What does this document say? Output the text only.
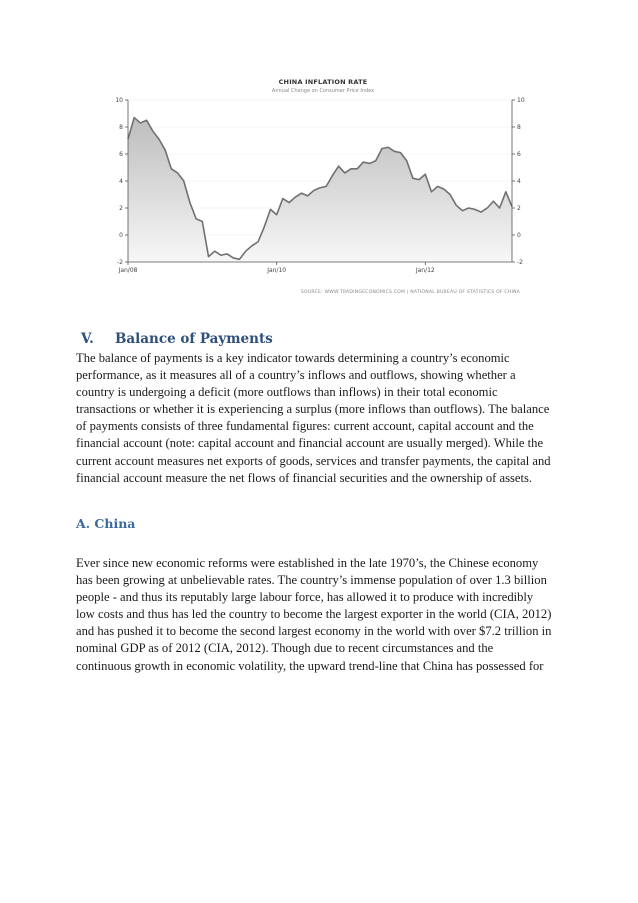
CHINA INFLATION RATE
Annual Change on Consumer Price Index
-2	-2
0	0
2	2
4	4
6	6
8	8
10	10
Jan/08	Jan/10	Jan/12
SOURCE: WWW.TRADINGECONOMICS.COM | NATIONAL BUREAU OF STATISTICS OF CHINA
V. Balance of Payments
The balance of payments is a key indicator towards determining a country’s economic
performance, as it measures all of a country’s inflows and outflows, showing whether a
country is undergoing a deficit (more outflows than inflows) in their total economic
transactions or whether it is experiencing a surplus (more inflows than outflows). The balance
of payments consists of three fundamental figures: current account, capital account and the
financial account (note: capital account and financial account are usually merged). While the
current account measures net exports of goods, services and transfer payments, the capital and
financial account measure the net flows of financial securities and the ownership of assets.
A. China
Ever since new economic reforms were established in the late 1970’s, the Chinese economy
has been growing at unbelievable rates. The country’s immense population of over 1.3 billion
people - and thus its reputably large labour force, has allowed it to produce with incredibly
low costs and thus has led the country to become the largest exporter in the world (CIA, 2012)
and has pushed it to become the second largest economy in the world with over $7.2 trillion in
nominal GDP as of 2012 (CIA, 2012). Though due to recent circumstances and the
continuous growth in economic volatility, the upward trend-line that China has possessed for
